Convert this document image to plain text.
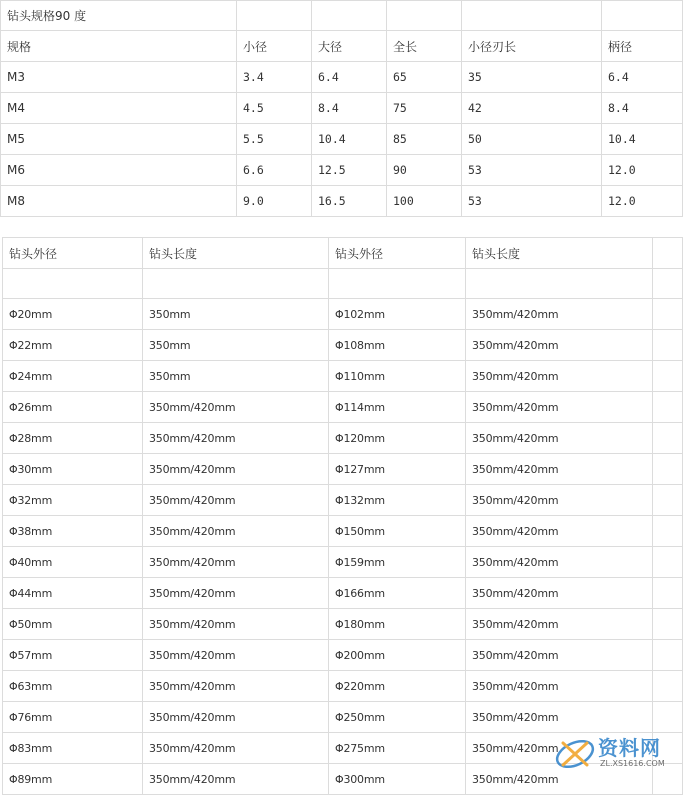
钻头规格90 度					
规格	小径	大径	全长	小径刃长	柄径
M3	3.4	6.4	65	35	6.4
M4	4.5	8.4	75	42	8.4
M5	5.5	10.4	85	50	10.4
M6	6.6	12.5	90	53	12.0
M8	9.0	16.5	100	53	12.0
钻头外径	钻头长度	钻头外径	钻头长度	

Φ20mm	350mm	Φ102mm	350mm/420mm	
Φ22mm	350mm	Φ108mm	350mm/420mm	
Φ24mm	350mm	Φ110mm	350mm/420mm	
Φ26mm	350mm/420mm	Φ114mm	350mm/420mm	
Φ28mm	350mm/420mm	Φ120mm	350mm/420mm	
Φ30mm	350mm/420mm	Φ127mm	350mm/420mm	
Φ32mm	350mm/420mm	Φ132mm	350mm/420mm	
Φ38mm	350mm/420mm	Φ150mm	350mm/420mm	
Φ40mm	350mm/420mm	Φ159mm	350mm/420mm	
Φ44mm	350mm/420mm	Φ166mm	350mm/420mm	
Φ50mm	350mm/420mm	Φ180mm	350mm/420mm	
Φ57mm	350mm/420mm	Φ200mm	350mm/420mm	
Φ63mm	350mm/420mm	Φ220mm	350mm/420mm	
Φ76mm	350mm/420mm	Φ250mm	350mm/420mm	
Φ83mm	350mm/420mm	Φ275mm	350mm/420mm	
Φ89mm	350mm/420mm	Φ300mm	350mm/420mm	
资料网
ZL.XS1616.COM
